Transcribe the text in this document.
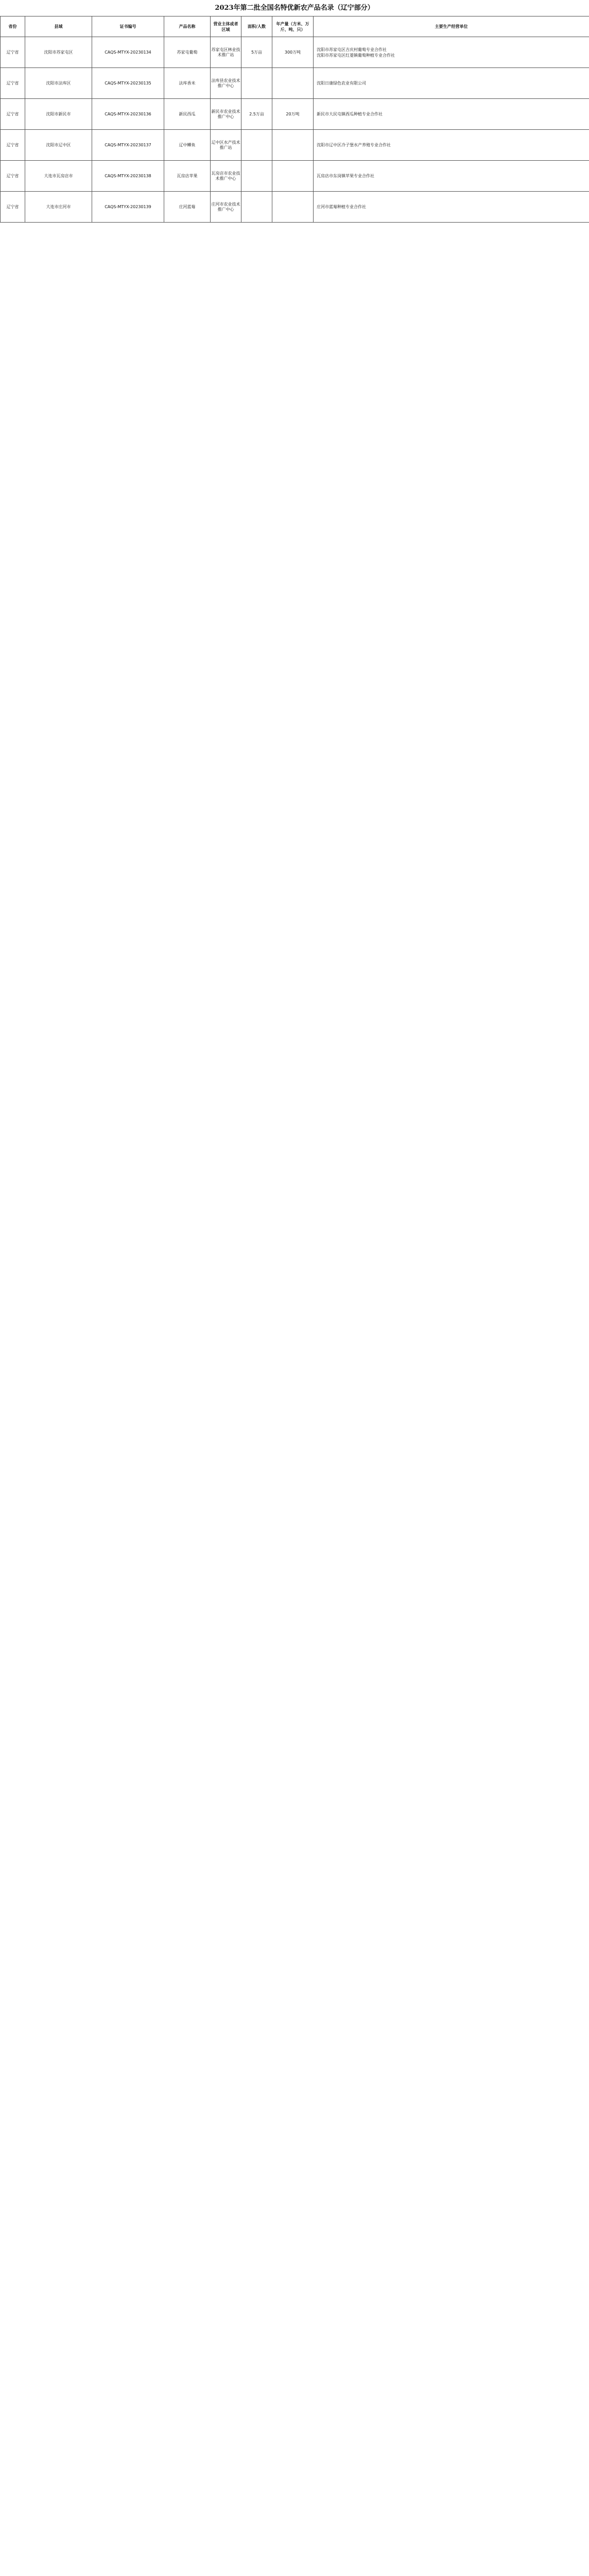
2023年第二批全国名特优新农产品名录（辽宁部分）
省份	县域	证书编号	产品名称	营业主体或者区域	面积/人数	年产量（方米、万斤、吨、只）	主要生产经营单位
辽宁省	沈阳市苏家屯区	CAQS-MTYX-20230134	苏家屯葡萄	苏家屯区林业技术推广站	5万亩	300万吨	沈阳市苏家屯区吉庆村葡萄专业合作社
沈阳市苏家屯区红菱镇葡萄种植专业合作社

辽宁省	沈阳市法库区	CAQS-MTYX-20230135	法库香米	法库县农业技术推广中心			沈阳日康绿色农业有限公司

辽宁省	沈阳市新民市	CAQS-MTYX-20230136	新民西瓜	新民市农业技术推广中心	2.5万亩	20万吨	新民市大民屯镇西瓜种植专业合作社

辽宁省	沈阳市辽中区	CAQS-MTYX-20230137	辽中鲫鱼	辽中区水产技术推广站			沈阳市辽中区冷子堡水产养殖专业合作社

辽宁省	大连市瓦房店市	CAQS-MTYX-20230138	瓦房店苹果	瓦房店市农业技术推广中心			瓦房店市东岗镇苹果专业合作社

辽宁省	大连市庄河市	CAQS-MTYX-20230139	庄河蓝莓	庄河市农业技术推广中心			庄河市蓝莓种植专业合作社
